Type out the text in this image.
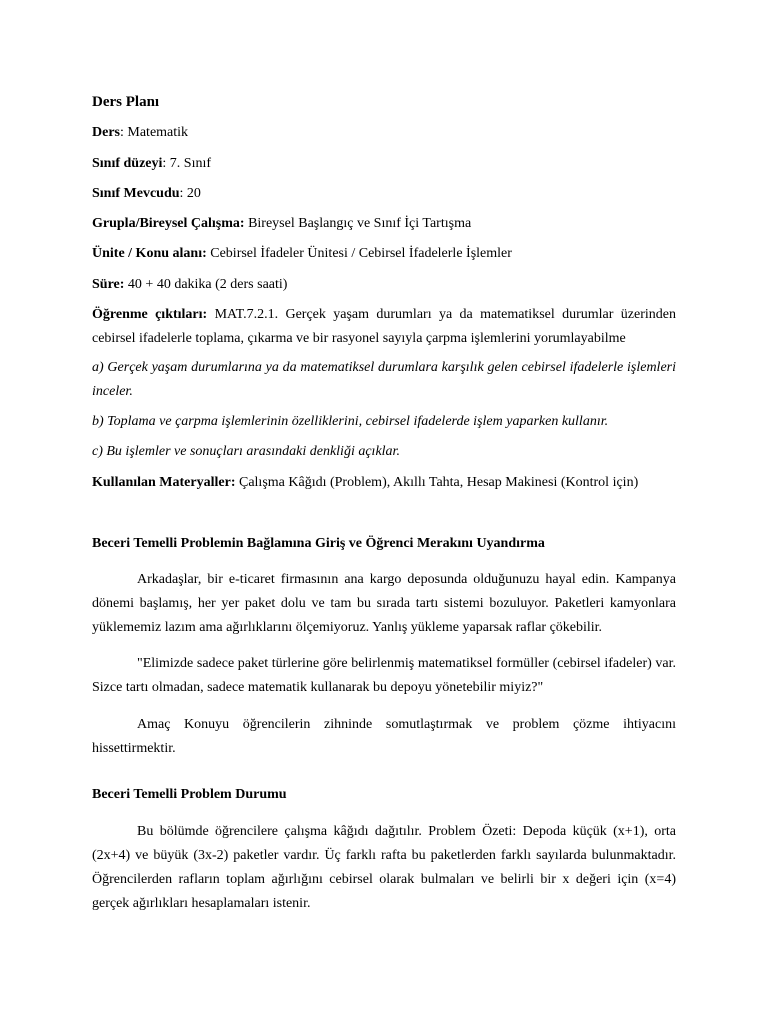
Ders Planı

Ders: Matematik

Sınıf düzeyi: 7. Sınıf

Sınıf Mevcudu: 20

Grupla/Bireysel Çalışma: Bireysel Başlangıç ve Sınıf İçi Tartışma

Ünite / Konu alanı: Cebirsel İfadeler Ünitesi / Cebirsel İfadelerle İşlemler

Süre: 40 + 40 dakika (2 ders saati)

Öğrenme çıktıları: MAT.7.2.1. Gerçek yaşam durumları ya da matematiksel durumlar üzerinden cebirsel ifadelerle toplama, çıkarma ve bir rasyonel sayıyla çarpma işlemlerini yorumlayabilme

a) Gerçek yaşam durumlarına ya da matematiksel durumlara karşılık gelen cebirsel ifadelerle işlemleri inceler.

b) Toplama ve çarpma işlemlerinin özelliklerini, cebirsel ifadelerde işlem yaparken kullanır.

c) Bu işlemler ve sonuçları arasındaki denkliği açıklar.

Kullanılan Materyaller: Çalışma Kâğıdı (Problem), Akıllı Tahta, Hesap Makinesi (Kontrol için)

Beceri Temelli Problemin Bağlamına Giriş ve Öğrenci Merakını Uyandırma

Arkadaşlar, bir e-ticaret firmasının ana kargo deposunda olduğunuzu hayal edin. Kampanya dönemi başlamış, her yer paket dolu ve tam bu sırada tartı sistemi bozuluyor. Paketleri kamyonlara yüklememiz lazım ama ağırlıklarını ölçemiyoruz. Yanlış yükleme yaparsak raflar çökebilir.

"Elimizde sadece paket türlerine göre belirlenmiş matematiksel formüller (cebirsel ifadeler) var. Sizce tartı olmadan, sadece matematik kullanarak bu depoyu yönetebilir miyiz?"

Amaç Konuyu öğrencilerin zihninde somutlaştırmak ve problem çözme ihtiyacını hissettirmektir.

Beceri Temelli Problem Durumu

Bu bölümde öğrencilere çalışma kâğıdı dağıtılır. Problem Özeti: Depoda küçük (x+1), orta (2x+4) ve büyük (3x-2) paketler vardır. Üç farklı rafta bu paketlerden farklı sayılarda bulunmaktadır. Öğrencilerden rafların toplam ağırlığını cebirsel olarak bulmaları ve belirli bir x değeri için (x=4) gerçek ağırlıkları hesaplamaları istenir.
